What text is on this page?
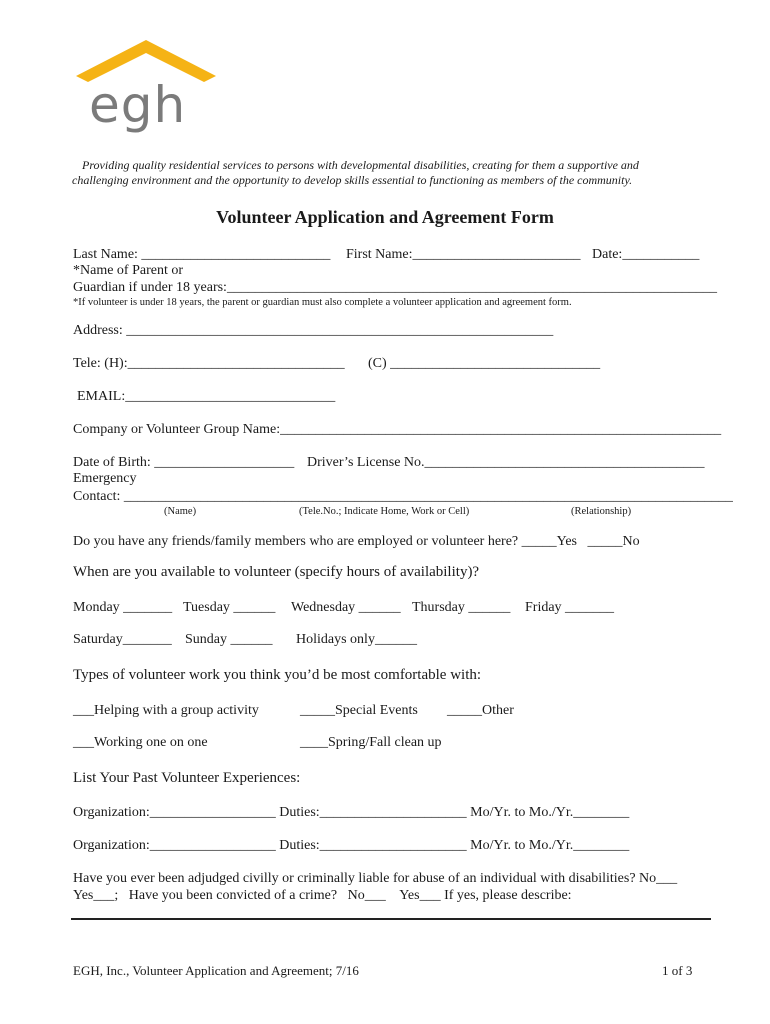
egh
Providing quality residential services to persons with developmental disabilities, creating for them a supportive and
challenging environment and the opportunity to develop skills essential to functioning as members of the community.
Volunteer Application and Agreement Form
Last Name: ___________________________ First Name:________________________ Date:___________
*Name of Parent or
Guardian if under 18 years:______________________________________________________________________
*If volunteer is under 18 years, the parent or guardian must also complete a volunteer application and agreement form.
Address: _____________________________________________________________
Tele: (H):_______________________________ (C) ______________________________
EMAIL:______________________________
Company or Volunteer Group Name:_______________________________________________________________
Date of Birth: ____________________ Driver’s License No.________________________________________
Emergency
Contact: _______________________________________________________________________________________
(Name)	(Tele.No.; Indicate Home, Work or Cell)	(Relationship)
Do you have any friends/family members who are employed or volunteer here? _____Yes   _____No
When are you available to volunteer (specify hours of availability)?
Monday _______ Tuesday ______ Wednesday ______ Thursday ______ Friday _______
Saturday_______ Sunday ______ Holidays only______
Types of volunteer work you think you’d be most comfortable with:
___Helping with a group activity	_____Special Events _____Other
___Working one on one	____Spring/Fall clean up
List Your Past Volunteer Experiences:
Organization:__________________ Duties:_____________________ Mo/Yr. to Mo./Yr.________
Organization:__________________ Duties:_____________________ Mo/Yr. to Mo./Yr.________
Have you ever been adjudged civilly or criminally liable for abuse of an individual with disabilities? No___
Yes___;   Have you been convicted of a crime?   No___    Yes___ If yes, please describe:
EGH, Inc., Volunteer Application and Agreement; 7/16	1 of 3
